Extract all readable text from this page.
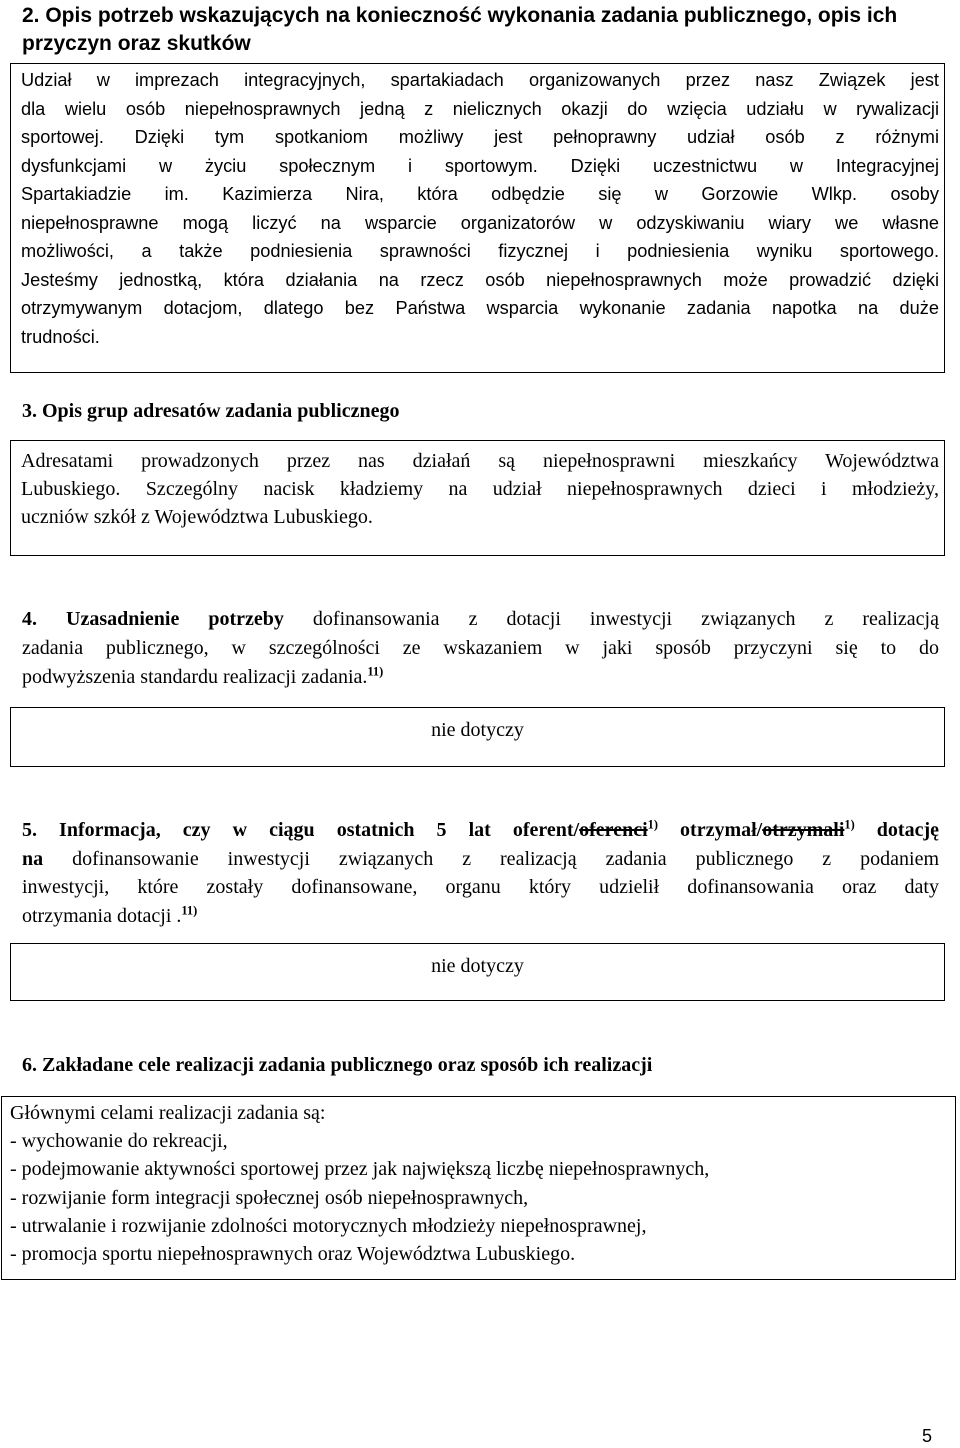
2. Opis potrzeb wskazujących na konieczność wykonania zadania publicznego, opis ich
przyczyn oraz skutków
Udział w imprezach integracyjnych, spartakiadach organizowanych przez nasz Związek jest
dla wielu osób niepełnosprawnych jedną z nielicznych okazji do wzięcia udziału w rywalizacji
sportowej. Dzięki tym spotkaniom możliwy jest pełnoprawny udział osób z różnymi
dysfunkcjami w życiu społecznym i sportowym. Dzięki uczestnictwu w Integracyjnej
Spartakiadzie im. Kazimierza Nira, która odbędzie się w Gorzowie Wlkp. osoby
niepełnosprawne mogą liczyć na wsparcie organizatorów w odzyskiwaniu wiary we własne
możliwości, a także podniesienia sprawności fizycznej i podniesienia wyniku sportowego.
Jesteśmy jednostką, która działania na rzecz osób niepełnosprawnych może prowadzić dzięki
otrzymywanym dotacjom, dlatego bez Państwa wsparcia wykonanie zadania napotka na duże
trudności.
3. Opis grup adresatów zadania publicznego
Adresatami prowadzonych przez nas działań są niepełnosprawni mieszkańcy Województwa
Lubuskiego. Szczególny nacisk kładziemy na udział niepełnosprawnych dzieci i młodzieży,
uczniów szkół z Województwa Lubuskiego.
4. Uzasadnienie potrzeby dofinansowania z dotacji inwestycji związanych z realizacją
zadania publicznego, w szczególności ze wskazaniem w jaki sposób przyczyni się to do
podwyższenia standardu realizacji zadania.$^{11)}$
nie dotyczy
5. Informacja, czy w ciągu ostatnich 5 lat oferent/oferenci$^{1)}$ otrzymał/otrzymali$^{1)}$ dotację
na dofinansowanie inwestycji związanych z realizacją zadania publicznego z podaniem
inwestycji, które zostały dofinansowane, organu który udzielił dofinansowania oraz daty
otrzymania dotacji .$^{11)}$
nie dotyczy
6. Zakładane cele realizacji zadania publicznego oraz sposób ich realizacji
Głównymi celami realizacji zadania są:
- wychowanie do rekreacji,
- podejmowanie aktywności sportowej przez jak największą liczbę niepełnosprawnych,
- rozwijanie form integracji społecznej osób niepełnosprawnych,
- utrwalanie i rozwijanie zdolności motorycznych młodzieży niepełnosprawnej,
- promocja sportu niepełnosprawnych oraz Województwa Lubuskiego.
5
